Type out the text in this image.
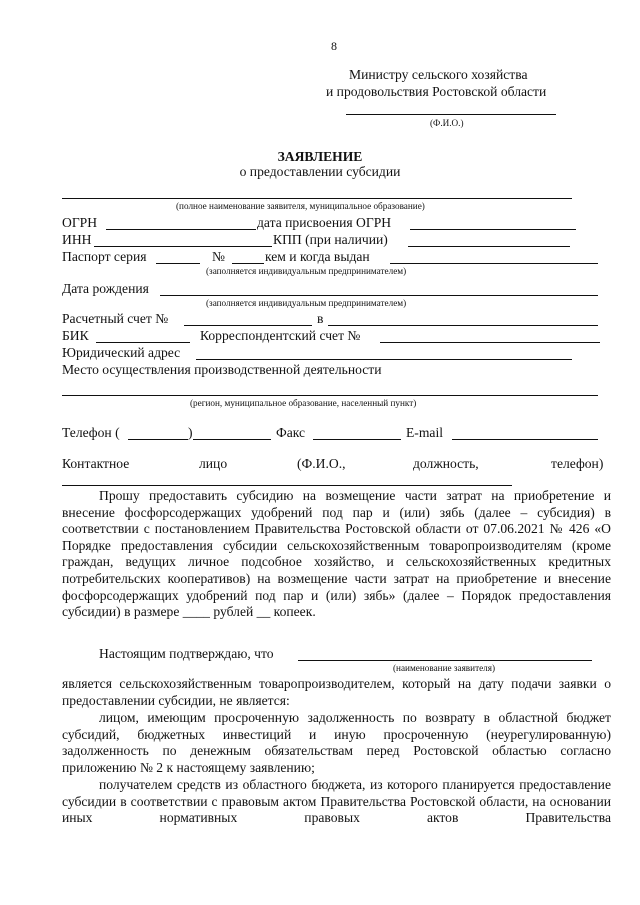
8
Министру сельского хозяйства
и продовольствия Ростовской области
(Ф.И.О.)
ЗАЯВЛЕНИЕ
о предоставлении субсидии
(полное наименование заявителя, муниципальное образование)
ОГРН	дата присвоения ОГРН
ИНН	КПП (при наличии)
Паспорт серия	№	кем и когда выдан
(заполняется индивидуальным предпринимателем)
Дата рождения
(заполняется индивидуальным предпринимателем)
Расчетный счет №	в
БИК	Корреспондентский счет №
Юридический адрес
Место осуществления производственной деятельности
(регион, муниципальное образование, населенный пункт)
Телефон (	)	Факс	E-mail
Контактное	лицо	(Ф.И.О.,	должность,	телефон)
Прошу предоставить субсидию на возмещение части затрат на приобретение и внесение фосфорсодержащих удобрений под пар и (или) зябь (далее – субсидия) в соответствии с постановлением Правительства Ростовской области от 07.06.2021 № 426 «О Порядке предоставления субсидии сельскохозяйственным товаропроизводителям (кроме граждан, ведущих личное подсобное хозяйство, и сельскохозяйственных кредитных потребительских кооперативов) на возмещение части затрат на приобретение и внесение фосфорсодержащих удобрений под пар и (или) зябь» (далее – Порядок предоставления субсидии) в размере ____ рублей __ копеек.
Настоящим подтверждаю, что
(наименование заявителя)
является сельскохозяйственным товаропроизводителем, который на дату подачи заявки о предоставлении субсидии, не является:
лицом, имеющим просроченную задолженность по возврату в областной бюджет субсидий, бюджетных инвестиций и иную просроченную (неурегулированную) задолженность по денежным обязательствам перед Ростовской областью согласно приложению № 2 к настоящему заявлению;
получателем средств из областного бюджета, из которого планируется предоставление субсидии в соответствии с правовым актом Правительства Ростовской области, на основании иных нормативных правовых актов Правительства
